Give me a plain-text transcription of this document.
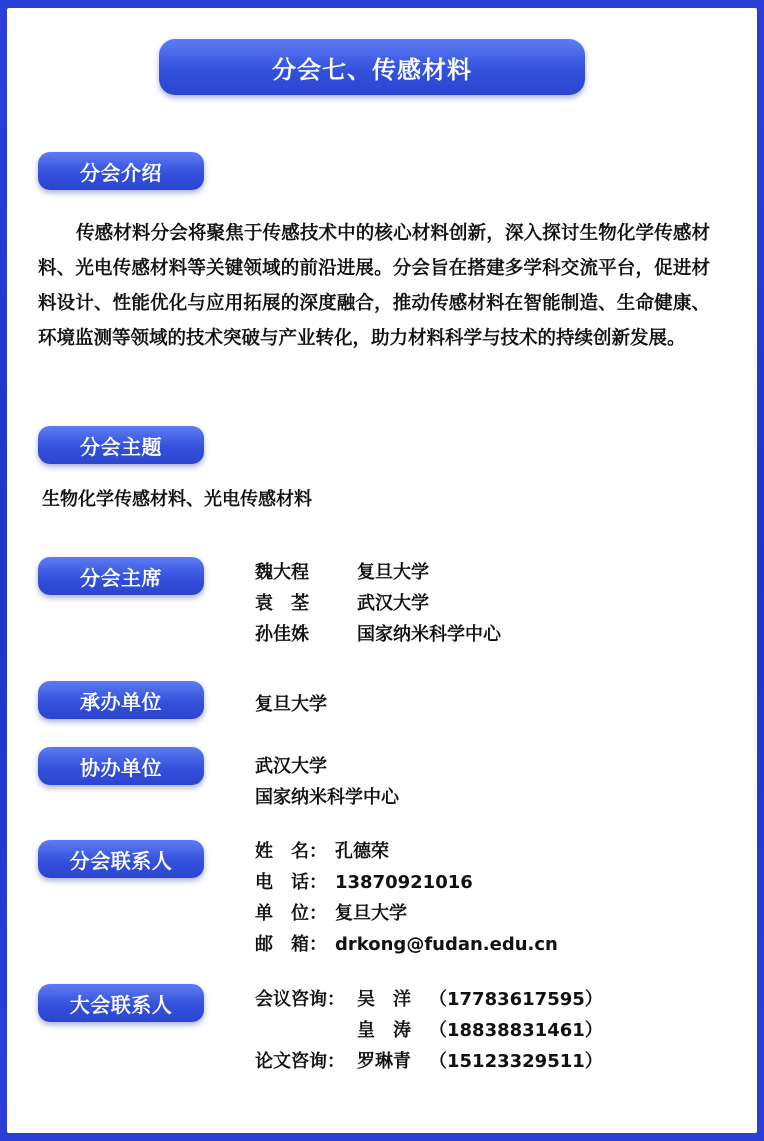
分会七、传感材料
分会介绍

传感材料分会将聚焦于传感技术中的核心材料创新，深入探讨生物化学传感材料、光电传感材料等关键领域的前沿进展。分会旨在搭建多学科交流平台，促进材料设计、性能优化与应用拓展的深度融合，推动传感材料在智能制造、生命健康、环境监测等领域的技术突破与产业转化，助力材料科学与技术的持续创新发展。

分会主题

生物化学传感材料、光电传感材料

分会主席	魏大程	复旦大学
袁　荃	武汉大学
孙佳姝	国家纳米科学中心
承办单位	复旦大学
协办单位	武汉大学
国家纳米科学中心
分会联系人	姓　名： 孔德荣
电　话： 13870921016
单　位： 复旦大学
邮　箱： drkong@fudan.edu.cn
大会联系人	会议咨询： 吴　洋 （17783617595）
皇　涛 （18838831461）
论文咨询： 罗琳青 （15123329511）
